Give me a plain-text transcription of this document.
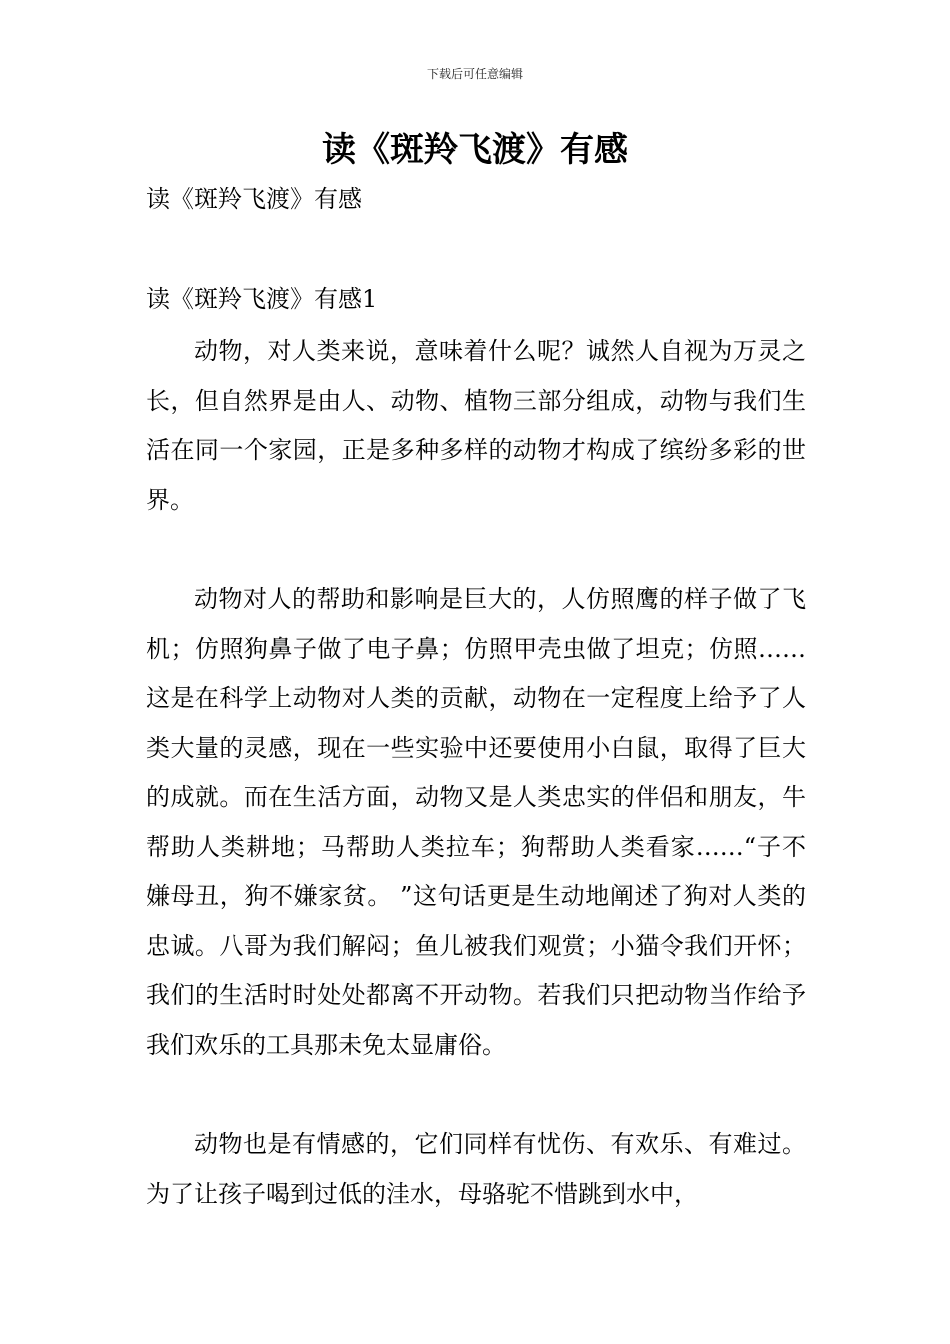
下载后可任意编辑
读《斑羚飞渡》有感
读《斑羚飞渡》有感
读《斑羚飞渡》有感1

动物，对人类来说，意味着什么呢？诚然人自视为万灵之长，但自然界是由人、动物、植物三部分组成，动物与我们生活在同一个家园，正是多种多样的动物才构成了缤纷多彩的世界。

动物对人的帮助和影响是巨大的，人仿照鹰的样子做了飞机；仿照狗鼻子做了电子鼻；仿照甲壳虫做了坦克；仿照……这是在科学上动物对人类的贡献，动物在一定程度上给予了人类大量的灵感，现在一些实验中还要使用小白鼠，取得了巨大的成就。而在生活方面，动物又是人类忠实的伴侣和朋友，牛帮助人类耕地；马帮助人类拉车；狗帮助人类看家……“子不嫌母丑，狗不嫌家贫。 ”这句话更是生动地阐述了狗对人类的忠诚。八哥为我们解闷；鱼儿被我们观赏；小猫令我们开怀；我们的生活时时处处都离不开动物。若我们只把动物当作给予我们欢乐的工具那未免太显庸俗。

动物也是有情感的，它们同样有忧伤、有欢乐、有难过。为了让孩子喝到过低的洼水，母骆驼不惜跳到水中，
